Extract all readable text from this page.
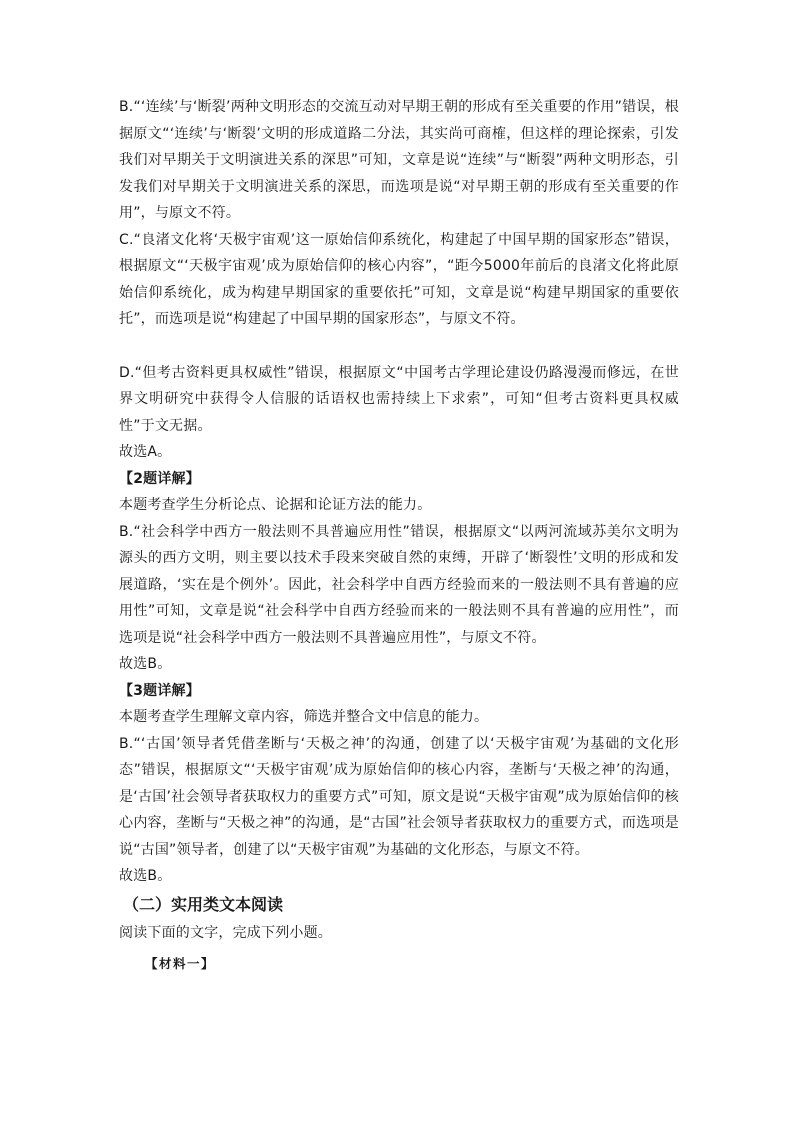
B.“‘连续’与‘断裂’两种文明形态的交流互动对早期王朝的形成有至关重要的作用”错误，根据原文“‘连续’与‘断裂’文明的形成道路二分法，其实尚可商榷，但这样的理论探索，引发我们对早期关于文明演进关系的深思”可知，文章是说“连续”与“断裂”两种文明形态，引发我们对早期关于文明演进关系的深思，而选项是说“对早期王朝的形成有至关重要的作用”，与原文不符。

C.“良渚文化将‘天极宇宙观’这一原始信仰系统化，构建起了中国早期的国家形态”错误，根据原文“‘天极宇宙观’成为原始信仰的核心内容”，“距今5000年前后的良渚文化将此原始信仰系统化，成为构建早期国家的重要依托”可知，文章是说“构建早期国家的重要依托”，而选项是说“构建起了中国早期的国家形态”，与原文不符。

D.“但考古资料更具权威性”错误，根据原文“中国考古学理论建设仍路漫漫而修远，在世界文明研究中获得令人信服的话语权也需持续上下求索”，可知“但考古资料更具权威性”于文无据。

故选A。

【2题详解】

本题考查学生分析论点、论据和论证方法的能力。

B.“社会科学中西方一般法则不具普遍应用性”错误，根据原文“以两河流域苏美尔文明为源头的西方文明，则主要以技术手段来突破自然的束缚，开辟了‘断裂性’文明的形成和发展道路，‘实在是个例外’。因此，社会科学中自西方经验而来的一般法则不具有普遍的应用性”可知，文章是说“社会科学中自西方经验而来的一般法则不具有普遍的应用性”，而选项是说“社会科学中西方一般法则不具普遍应用性”，与原文不符。

故选B。

【3题详解】

本题考查学生理解文章内容，筛选并整合文中信息的能力。

B.“‘古国’领导者凭借垄断与‘天极之神’的沟通，创建了以‘天极宇宙观’为基础的文化形态”错误，根据原文“‘天极宇宙观’成为原始信仰的核心内容，垄断与‘天极之神’的沟通，是‘古国’社会领导者获取权力的重要方式”可知，原文是说“天极宇宙观”成为原始信仰的核心内容，垄断与“天极之神”的沟通，是“古国”社会领导者获取权力的重要方式，而选项是说“古国”领导者，创建了以“天极宇宙观”为基础的文化形态，与原文不符。

故选B。

（二）实用类文本阅读

阅读下面的文字，完成下列小题。

【材料一】
